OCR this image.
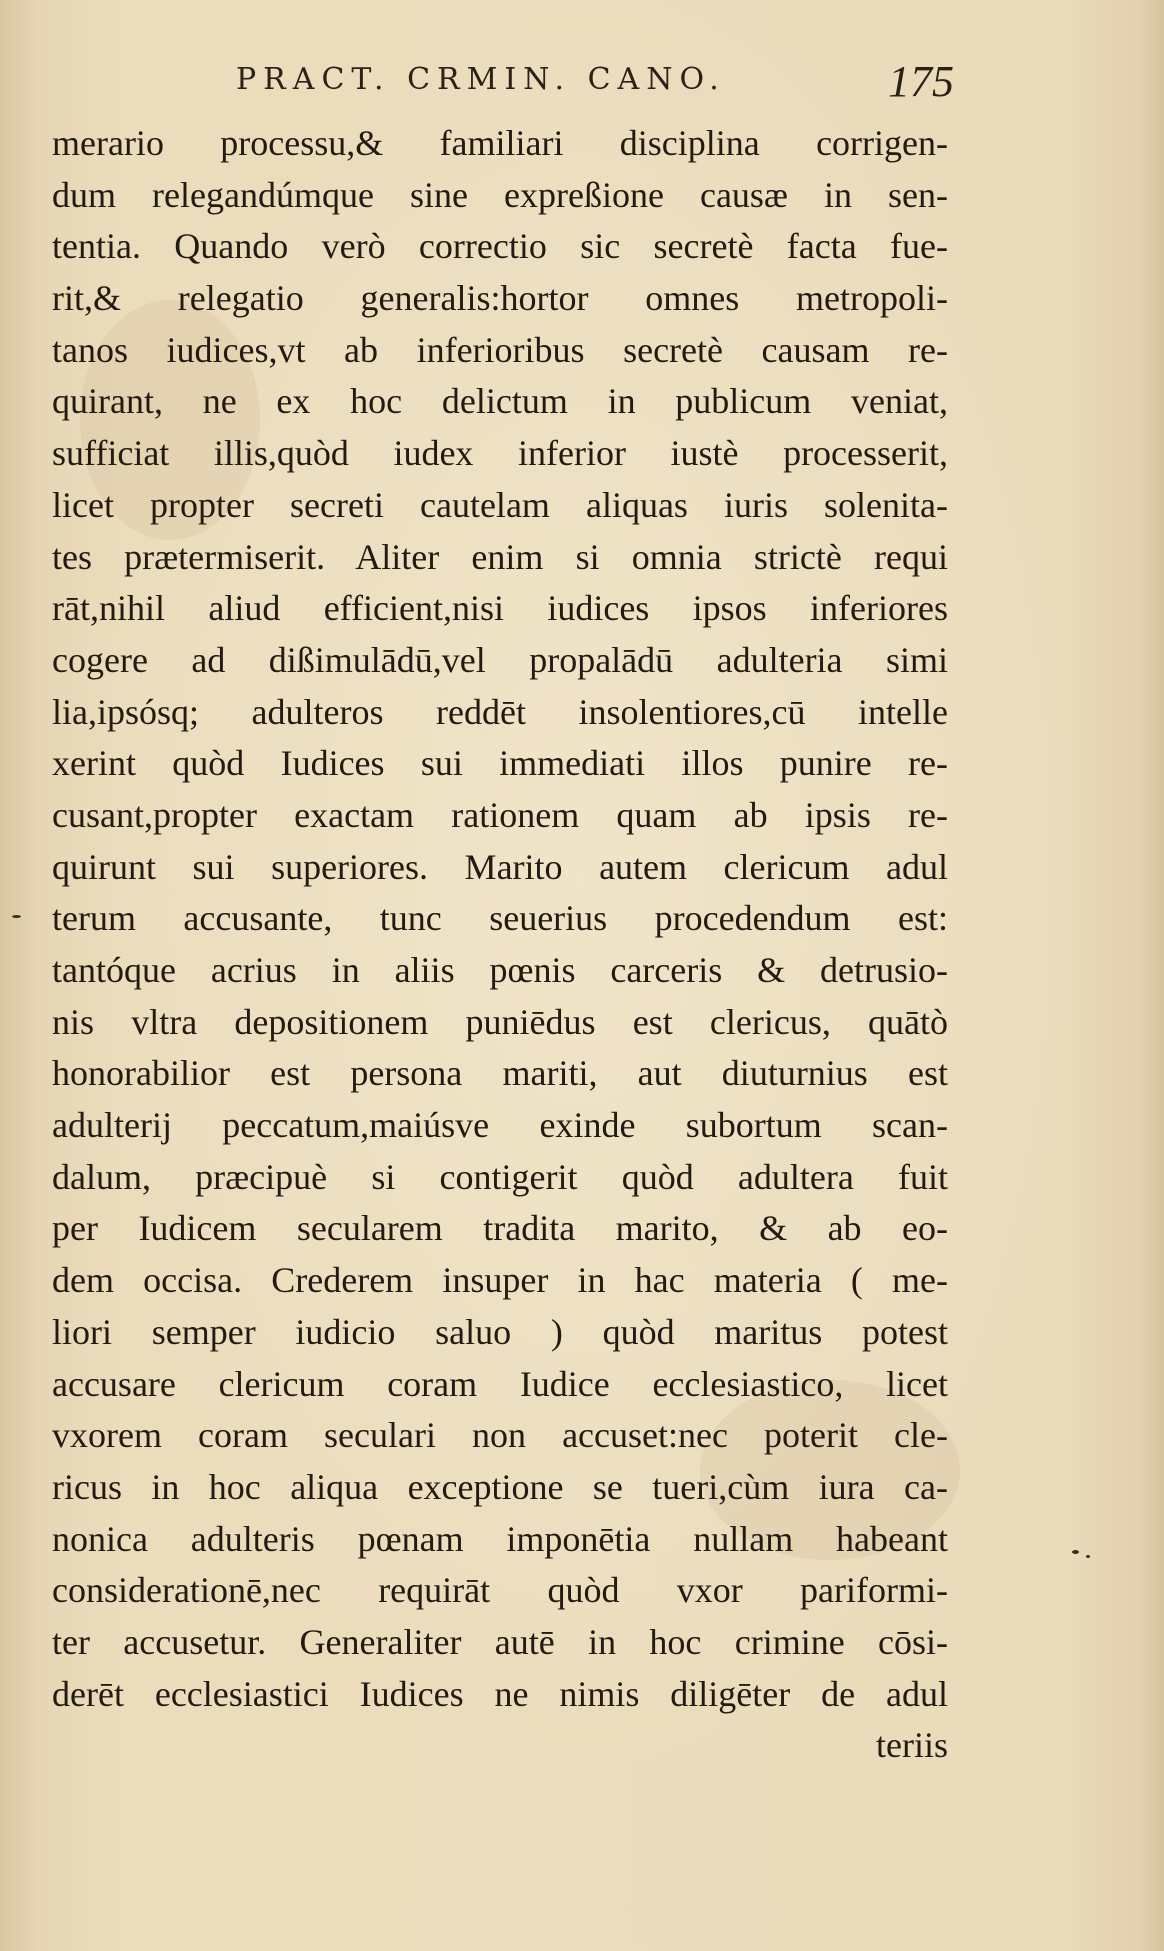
PRACT. CRMIN. CANO.	175
merario processu,& familiari disciplina corrigen-
dum relegandúmque sine expreßione causæ in sen-
tentia. Quando verò correctio sic secretè facta fue-
rit,& relegatio generalis:hortor omnes metropoli-
tanos iudices,vt ab inferioribus secretè causam re-
quirant, ne ex hoc delictum in publicum veniat,
sufficiat illis,quòd iudex inferior iustè processerit,
licet propter secreti cautelam aliquas iuris solenita-
tes prætermiserit. Aliter enim si omnia strictè requi
rāt,nihil aliud efficient,nisi iudices ipsos inferiores
cogere ad dißimulādū,vel propalādū adulteria simi
lia,ipsósq; adulteros reddēt insolentiores,cū intelle
xerint quòd Iudices sui immediati illos punire re-
cusant,propter exactam rationem quam ab ipsis re-
quirunt sui superiores. Marito autem clericum adul
terum accusante, tunc seuerius procedendum est:
tantóque acrius in aliis pœnis carceris & detrusio-
nis vltra depositionem puniēdus est clericus, quātò
honorabilior est persona mariti, aut diuturnius est
adulterij peccatum,maiúsve exinde subortum scan-
dalum, præcipuè si contigerit quòd adultera fuit
per Iudicem secularem tradita marito, & ab eo-
dem occisa. Crederem insuper in hac materia ( me-
liori semper iudicio saluo ) quòd maritus potest
accusare clericum coram Iudice ecclesiastico, licet
vxorem coram seculari non accuset:nec poterit cle-
ricus in hoc aliqua exceptione se tueri,cùm iura ca-
nonica adulteris pœnam imponētia nullam habeant
considerationē,nec requirāt quòd vxor pariformi-
ter accusetur. Generaliter autē in hoc crimine cōsi-
derēt ecclesiastici Iudices ne nimis diligēter de adul
teriis
